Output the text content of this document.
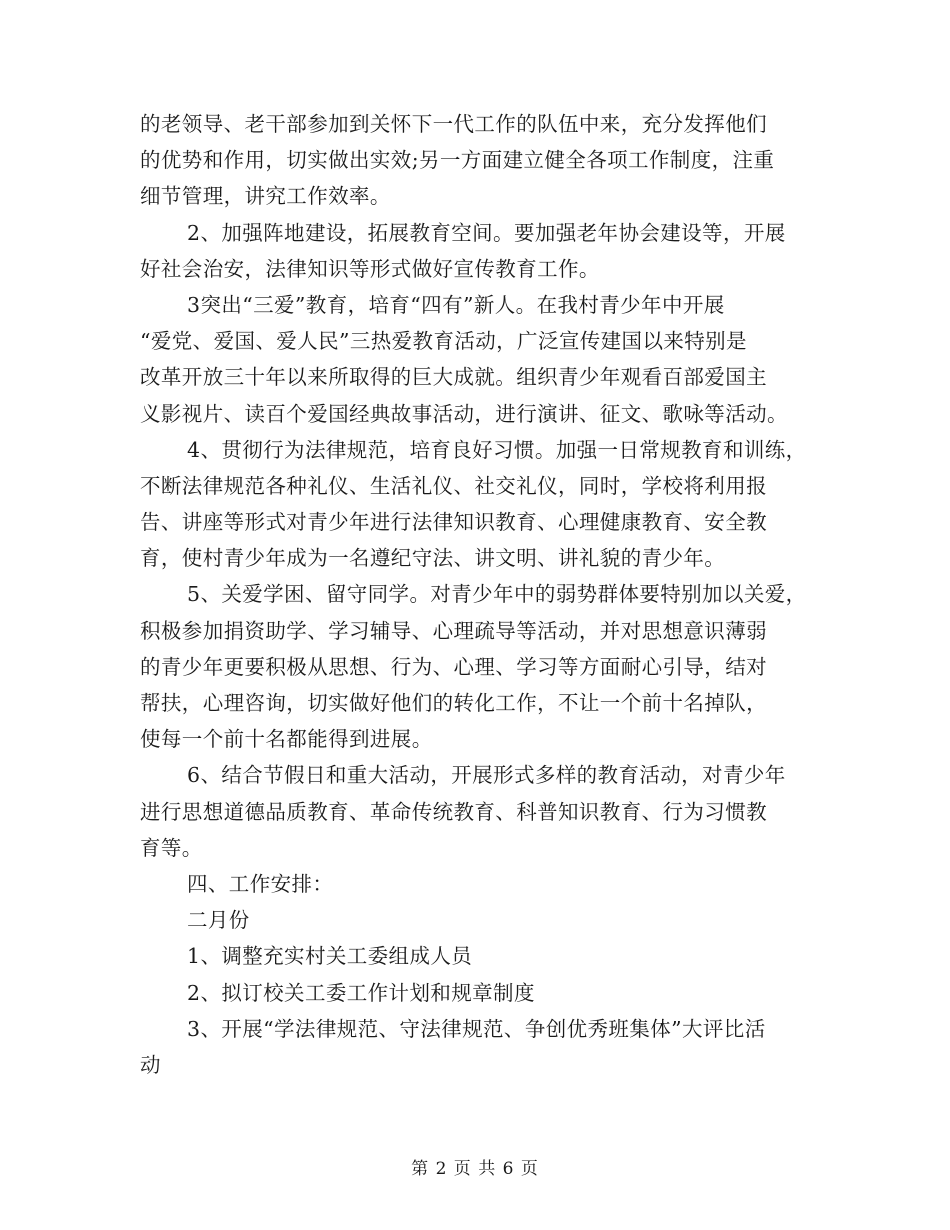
的老领导、老干部参加到关怀下一代工作的队伍中来，充分发挥他们
的优势和作用，切实做出实效;另一方面建立健全各项工作制度，注重
细节管理，讲究工作效率。
2、加强阵地建设，拓展教育空间。要加强老年协会建设等，开展
好社会治安，法律知识等形式做好宣传教育工作。
3突出“三爱”教育，培育“四有”新人。在我村青少年中开展
“爱党、爱国、爱人民”三热爱教育活动，广泛宣传建国以来特别是
改革开放三十年以来所取得的巨大成就。组织青少年观看百部爱国主
义影视片、读百个爱国经典故事活动，进行演讲、征文、歌咏等活动。
4、贯彻行为法律规范，培育良好习惯。加强一日常规教育和训练，
不断法律规范各种礼仪、生活礼仪、社交礼仪，同时，学校将利用报
告、讲座等形式对青少年进行法律知识教育、心理健康教育、安全教
育，使村青少年成为一名遵纪守法、讲文明、讲礼貌的青少年。
5、关爱学困、留守同学。对青少年中的弱势群体要特别加以关爱，
积极参加捐资助学、学习辅导、心理疏导等活动，并对思想意识薄弱
的青少年更要积极从思想、行为、心理、学习等方面耐心引导，结对
帮扶，心理咨询，切实做好他们的转化工作，不让一个前十名掉队，
使每一个前十名都能得到进展。
6、结合节假日和重大活动，开展形式多样的教育活动，对青少年
进行思想道德品质教育、革命传统教育、科普知识教育、行为习惯教
育等。
四、工作安排：
二月份
1、调整充实村关工委组成人员
2、拟订校关工委工作计划和规章制度
3、开展“学法律规范、守法律规范、争创优秀班集体”大评比活
动
第 2 页 共 6 页
